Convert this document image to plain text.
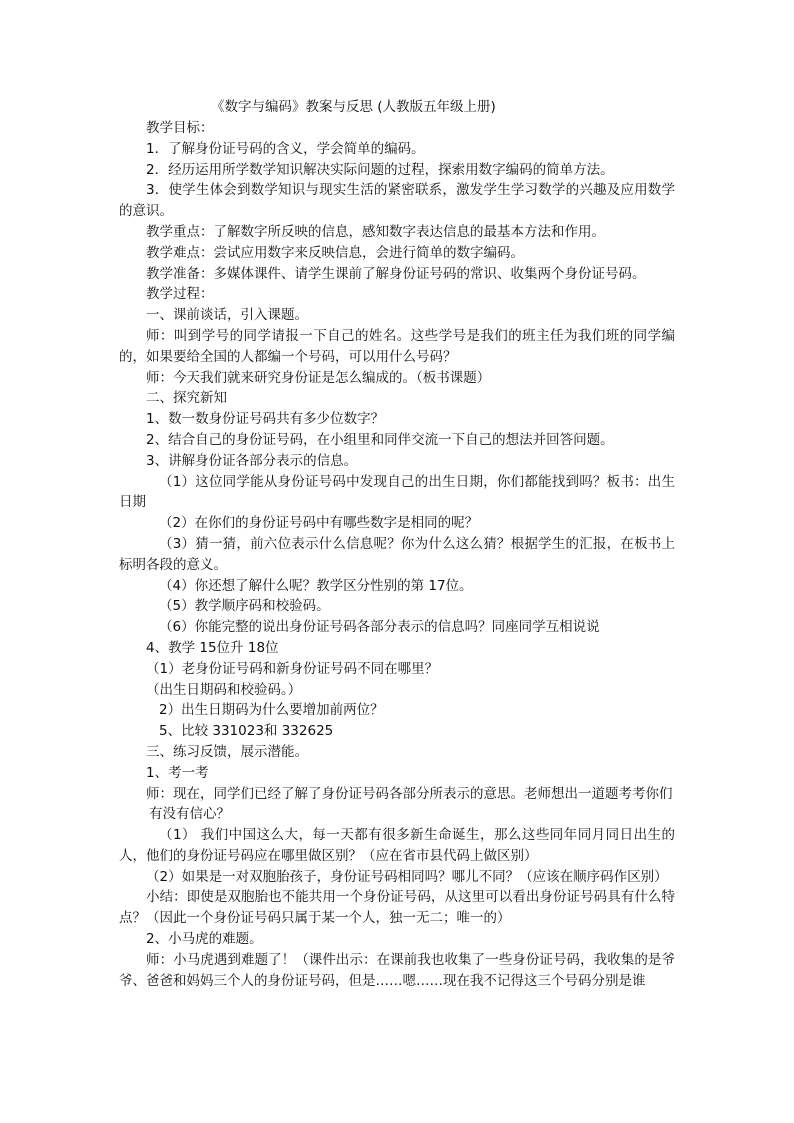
《数字与编码》教案与反思 (人教版五年级上册)

教学目标：

1．了解身份证号码的含义，学会简单的编码。

2．经历运用所学数学知识解决实际问题的过程，探索用数字编码的简单方法。

3．使学生体会到数学知识与现实生活的紧密联系，激发学生学习数学的兴趣及应用数学的意识。

教学重点：了解数字所反映的信息，感知数字表达信息的最基本方法和作用。

教学难点：尝试应用数字来反映信息，会进行简单的数字编码。

教学准备：多媒体课件、请学生课前了解身份证号码的常识、收集两个身份证号码。

教学过程：

一、课前谈话，引入课题。

师：叫到学号的同学请报一下自己的姓名。这些学号是我们的班主任为我们班的同学编的，如果要给全国的人都编一个号码，可以用什么号码？

师：今天我们就来研究身份证是怎么编成的。（板书课题）

二、探究新知

1、数一数身份证号码共有多少位数字？

2、结合自己的身份证号码，在小组里和同伴交流一下自己的想法并回答问题。

3、讲解身份证各部分表示的信息。

（1）这位同学能从身份证号码中发现自己的出生日期，你们都能找到吗？板书：出生日期

（2）在你们的身份证号码中有哪些数字是相同的呢？

（3）猜一猜，前六位表示什么信息呢？你为什么这么猜？根据学生的汇报，在板书上标明各段的意义。

（4）你还想了解什么呢？教学区分性别的第 17位。

（5）教学顺序码和校验码。

（6）你能完整的说出身份证号码各部分表示的信息吗？同座同学互相说说

4、教学 15位升 18位

（1）老身份证号码和新身份证号码不同在哪里？

（出生日期码和校验码。）

2）出生日期码为什么要增加前两位？

5、比较 331023和 332625

三、练习反馈，展示潜能。

1、考一考

师：现在，同学们已经了解了身份证号码各部分所表示的意思。老师想出一道题考考你们

有没有信心？

（1） 我们中国这么大，每一天都有很多新生命诞生，那么这些同年同月同日出生的人，他们的身份证号码应在哪里做区别？（应在省市县代码上做区别）

（2）如果是一对双胞胎孩子，身份证号码相同吗？哪儿不同？（应该在顺序码作区别）

小结：即使是双胞胎也不能共用一个身份证号码，从这里可以看出身份证号码具有什么特点？（因此一个身份证号码只属于某一个人，独一无二；唯一的）

2、小马虎的难题。

师：小马虎遇到难题了！（课件出示：在课前我也收集了一些身份证号码，我收集的是爷爷、爸爸和妈妈三个人的身份证号码，但是……嗯……现在我不记得这三个号码分别是谁
